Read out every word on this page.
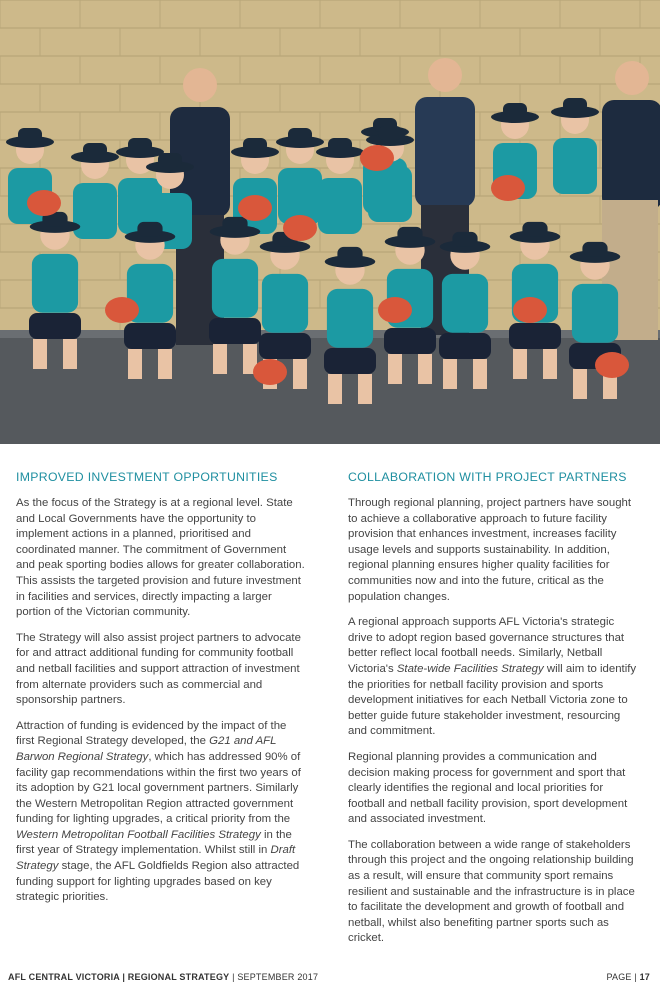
IMPROVED INVESTMENT OPPORTUNITIES

As the focus of the Strategy is at a regional level. State and Local Governments have the opportunity to implement actions in a planned, prioritised and coordinated manner. The commitment of Government and peak sporting bodies allows for greater collaboration. This assists the targeted provision and future investment in facilities and services, directly impacting a larger portion of the Victorian community.

The Strategy will also assist project partners to advocate for and attract additional funding for community football and netball facilities and support attraction of investment from alternate providers such as commercial and sponsorship partners.

Attraction of funding is evidenced by the impact of the first Regional Strategy developed, the G21 and AFL Barwon Regional Strategy, which has addressed 90% of facility gap recommendations within the first two years of its adoption by G21 local government partners. Similarly the Western Metropolitan Region attracted government funding for lighting upgrades, a critical priority from the Western Metropolitan Football Facilities Strategy in the first year of Strategy implementation. Whilst still in Draft Strategy stage, the AFL Goldfields Region also attracted funding support for lighting upgrades based on key strategic priorities.

COLLABORATION WITH PROJECT PARTNERS

Through regional planning, project partners have sought to achieve a collaborative approach to future facility provision that enhances investment, increases facility usage levels and supports sustainability. In addition, regional planning ensures higher quality facilities for communities now and into the future, critical as the population changes.

A regional approach supports AFL Victoria's strategic drive to adopt region based governance structures that better reflect local football needs. Similarly, Netball Victoria's State-wide Facilities Strategy will aim to identify the priorities for netball facility provision and sports development initiatives for each Netball Victoria zone to better guide future stakeholder investment, resourcing and commitment.

Regional planning provides a communication and decision making process for government and sport that clearly identifies the regional and local priorities for football and netball facility provision, sport development and associated investment.

The collaboration between a wide range of stakeholders through this project and the ongoing relationship building as a result, will ensure that community sport remains resilient and sustainable and the infrastructure is in place to facilitate the development and growth of football and netball, whilst also benefiting partner sports such as cricket.

AFL CENTRAL VICTORIA | REGIONAL STRATEGY | SEPTEMBER 2017	PAGE | 17
